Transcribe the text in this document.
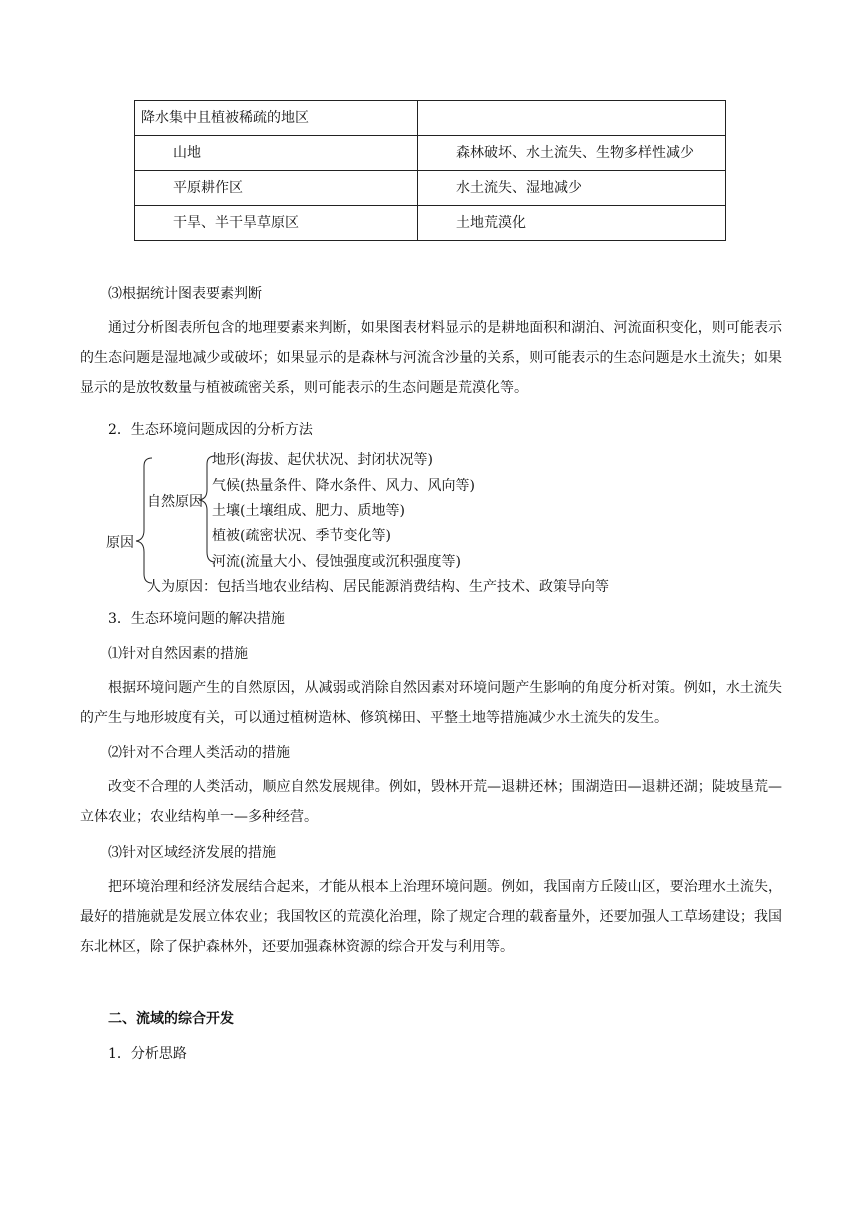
降水集中且植被稀疏的地区	
山地	森林破坏、水土流失、生物多样性减少
平原耕作区	水土流失、湿地减少
干旱、半干旱草原区	土地荒漠化
⑶根据统计图表要素判断
通过分析图表所包含的地理要素来判断，如果图表材料显示的是耕地面积和湖泊、河流面积变化，则可能表示的生态问题是湿地减少或破坏；如果显示的是森林与河流含沙量的关系，则可能表示的生态问题是水土流失；如果显示的是放牧数量与植被疏密关系，则可能表示的生态问题是荒漠化等。
2．生态环境问题成因的分析方法
原因
自然原因
地形(海拔、起伏状况、封闭状况等)
气候(热量条件、降水条件、风力、风向等)
土壤(土壤组成、肥力、质地等)
植被(疏密状况、季节变化等)
河流(流量大小、侵蚀强度或沉积强度等)
人为原因：包括当地农业结构、居民能源消费结构、生产技术、政策导向等
3．生态环境问题的解决措施
⑴针对自然因素的措施
根据环境问题产生的自然原因，从减弱或消除自然因素对环境问题产生影响的角度分析对策。例如，水土流失的产生与地形坡度有关，可以通过植树造林、修筑梯田、平整土地等措施减少水土流失的发生。
⑵针对不合理人类活动的措施
改变不合理的人类活动，顺应自然发展规律。例如，毁林开荒—退耕还林；围湖造田—退耕还湖；陡坡垦荒—立体农业；农业结构单一—多种经营。
⑶针对区域经济发展的措施
把环境治理和经济发展结合起来，才能从根本上治理环境问题。例如，我国南方丘陵山区，要治理水土流失，最好的措施就是发展立体农业；我国牧区的荒漠化治理，除了规定合理的载畜量外，还要加强人工草场建设；我国东北林区，除了保护森林外，还要加强森林资源的综合开发与利用等。
二、流域的综合开发
1．分析思路
